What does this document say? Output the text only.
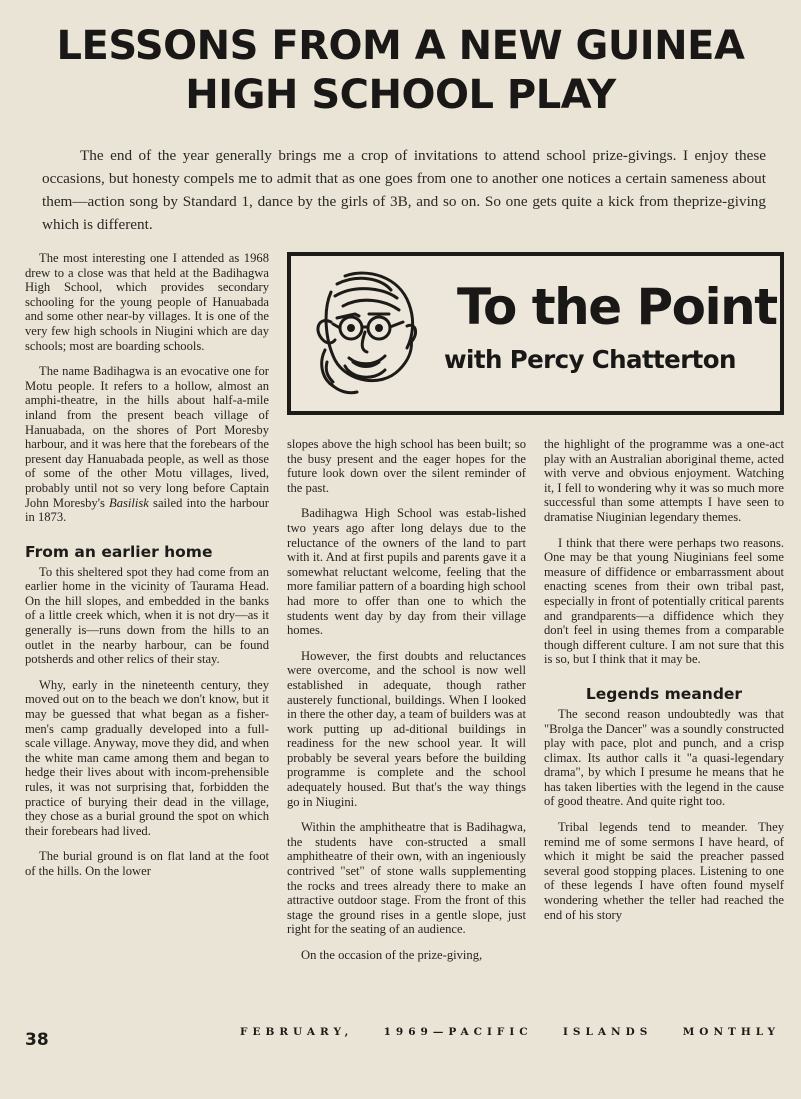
LESSONS FROM A NEW GUINEA
HIGH SCHOOL PLAY

The end of the year generally brings me a crop of invitations to attend school prize-givings. I enjoy these occasions, but honesty compels me to admit that as one goes from one to another one notices a certain sameness about them—action song by Standard 1, dance by the girls of 3B, and so on. So one gets quite a kick from theprize-giving which is different.

The most interesting one I attended as 1968 drew to a close was that held at the Badihagwa High School, which provides secondary schooling for the young people of Hanuabada and some other near-by villages. It is one of the very few high schools in Niugini which are day schools; most are boarding schools.

The name Badihagwa is an evocative one for Motu people. It refers to a hollow, almost an amphi-theatre, in the hills about half-a-mile inland from the present beach village of Hanuabada, on the shores of Port Moresby harbour, and it was here that the forebears of the present day Hanuabada people, as well as those of some of the other Motu villages, lived, probably until not so very long before Captain John Moresby's Basilisk sailed into the harbour in 1873.

From an earlier home

To this sheltered spot they had come from an earlier home in the vicinity of Taurama Head. On the hill slopes, and embedded in the banks of a little creek which, when it is not dry—as it generally is—runs down from the hills to an outlet in the nearby harbour, can be found potsherds and other relics of their stay.

Why, early in the nineteenth century, they moved out on to the beach we don't know, but it may be guessed that what began as a fisher-men's camp gradually developed into a full-scale village. Anyway, move they did, and when the white man came among them and began to hedge their lives about with incom-prehensible rules, it was not surprising that, forbidden the practice of burying their dead in the village, they chose as a burial ground the spot on which their forebears had lived.

The burial ground is on flat land at the foot of the hills. On the lower

To the Point

with Percy Chatterton

slopes above the high school has been built; so the busy present and the eager hopes for the future look down over the silent reminder of the past.

Badihagwa High School was estab-lished two years ago after long delays due to the reluctance of the owners of the land to part with it. And at first pupils and parents gave it a somewhat reluctant welcome, feeling that the more familiar pattern of a boarding high school had more to offer than one to which the students went day by day from their village homes.

However, the first doubts and reluctances were overcome, and the school is now well established in adequate, though rather austerely functional, buildings. When I looked in there the other day, a team of builders was at work putting up ad-ditional buildings in readiness for the new school year. It will probably be several years before the building programme is complete and the school adequately housed. But that's the way things go in Niugini.

Within the amphitheatre that is Badihagwa, the students have con-structed a small amphitheatre of their own, with an ingeniously contrived "set" of stone walls supplementing the rocks and trees already there to make an attractive outdoor stage. From the front of this stage the ground rises in a gentle slope, just right for the seating of an audience.

On the occasion of the prize-giving,

the highlight of the programme was a one-act play with an Australian aboriginal theme, acted with verve and obvious enjoyment. Watching it, I fell to wondering why it was so much more successful than some attempts I have seen to dramatise Niuginian legendary themes.

I think that there were perhaps two reasons. One may be that young Niuginians feel some measure of diffidence or embarrassment about enacting scenes from their own tribal past, especially in front of potentially critical parents and grandparents—a diffidence which they don't feel in using themes from a comparable though different culture. I am not sure that this is so, but I think that it may be.

Legends meander

The second reason undoubtedly was that "Brolga the Dancer" was a soundly constructed play with pace, plot and punch, and a crisp climax. Its author calls it "a quasi-legendary drama", by which I presume he means that he has taken liberties with the legend in the cause of good theatre. And quite right too.

Tribal legends tend to meander. They remind me of some sermons I have heard, of which it might be said the preacher passed several good stopping places. Listening to one of these legends I have often found myself wondering whether the teller had reached the end of his story

38	FEBRUARY,	1969—PACIFIC	ISLANDS	MONTHLY
